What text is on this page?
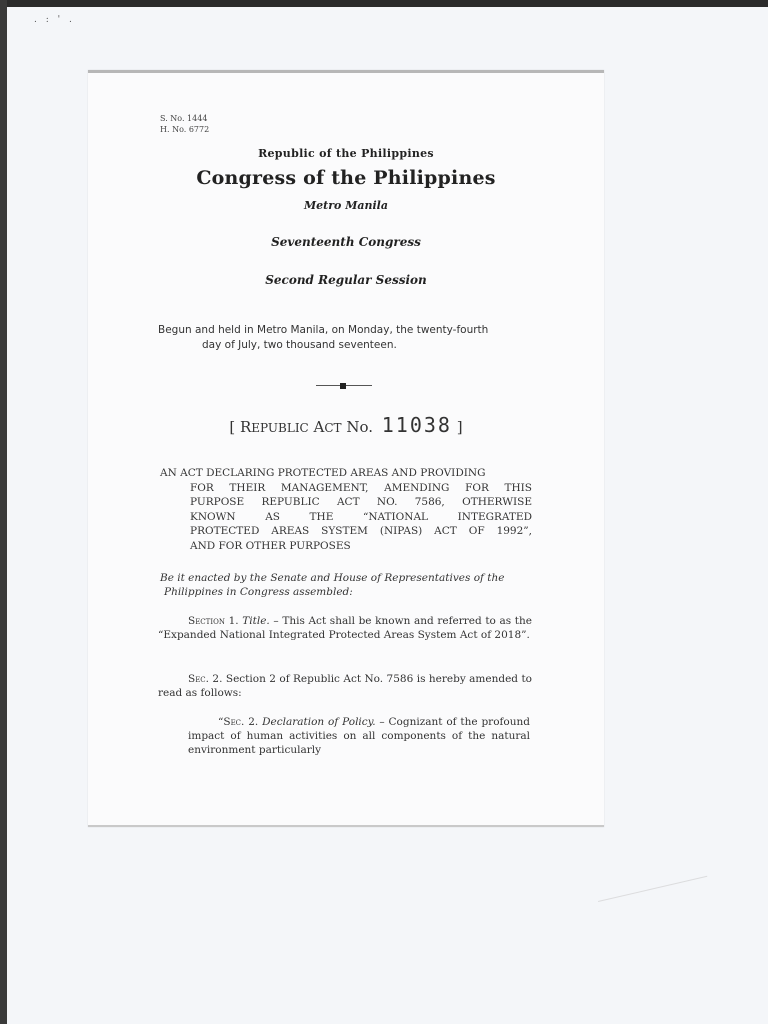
. : ' .
S. No. 1444
H. No. 6772
Republic of the Philippines
Congress of the Philippines
Metro Manila
Seventeenth Congress
Second Regular Session
Begun and held in Metro Manila, on Monday, the twenty-fourth
day of July, two thousand seventeen.
[ REPUBLIC ACT No. 11038 ]
AN ACT DECLARING PROTECTED AREAS AND PROVIDING
FOR THEIR MANAGEMENT, AMENDING FOR THIS
PURPOSE REPUBLIC ACT NO. 7586, OTHERWISE
KNOWN AS THE “NATIONAL INTEGRATED
PROTECTED AREAS SYSTEM (NIPAS) ACT OF 1992”,
AND FOR OTHER PURPOSES
Be it enacted by the Senate and House of Representatives of the
Philippines in Congress assembled:
Section 1. Title. – This Act shall be known and referred to as the “Expanded National Integrated Protected Areas System Act of 2018”.
Sec. 2. Section 2 of Republic Act No. 7586 is hereby amended to read as follows:
“Sec. 2. Declaration of Policy. – Cognizant of the profound impact of human activities on all components of the natural environment particularly
